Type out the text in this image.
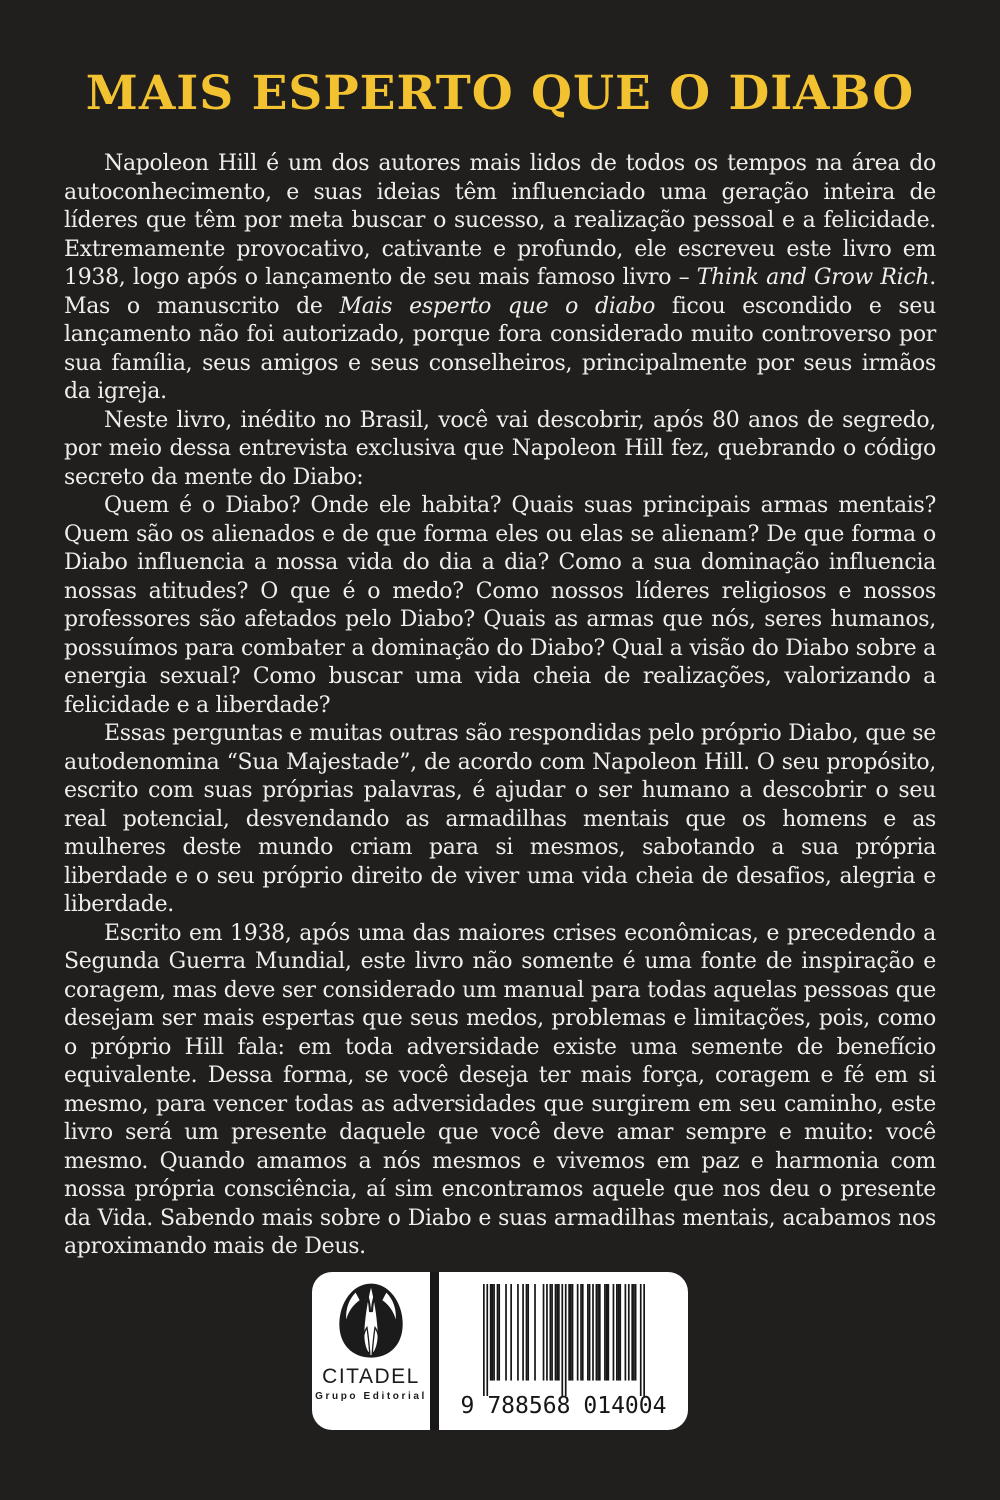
MAIS ESPERTO QUE O DIABO

Napoleon Hill é um dos autores mais lidos de todos os tempos na área do autoconhecimento, e suas ideias têm influenciado uma geração inteira de líderes que têm por meta buscar o sucesso, a realização pessoal e a felicidade. Extremamente provocativo, cativante e profundo, ele escreveu este livro em 1938, logo após o lançamento de seu mais famoso livro – Think and Grow Rich. Mas o manuscrito de Mais esperto que o diabo ficou escondido e seu lançamento não foi autorizado, porque fora considerado muito controverso por sua família, seus amigos e seus conselheiros, principalmente por seus irmãos da igreja.

Neste livro, inédito no Brasil, você vai descobrir, após 80 anos de segredo, por meio dessa entrevista exclusiva que Napoleon Hill fez, quebrando o código secreto da mente do Diabo:

Quem é o Diabo? Onde ele habita? Quais suas principais armas mentais? Quem são os alienados e de que forma eles ou elas se alienam? De que forma o Diabo influencia a nossa vida do dia a dia? Como a sua dominação influencia nossas atitudes? O que é o medo? Como nossos líderes religiosos e nossos professores são afetados pelo Diabo? Quais as armas que nós, seres humanos, possuímos para combater a dominação do Diabo? Qual a visão do Diabo sobre a energia sexual? Como buscar uma vida cheia de realizações, valorizando a felicidade e a liberdade?

Essas perguntas e muitas outras são respondidas pelo próprio Diabo, que se autodenomina “Sua Majestade”, de acordo com Napoleon Hill. O seu propósito, escrito com suas próprias palavras, é ajudar o ser humano a descobrir o seu real potencial, desvendando as armadilhas mentais que os homens e as mulheres deste mundo criam para si mesmos, sabotando a sua própria liberdade e o seu próprio direito de viver uma vida cheia de desafios, alegria e liberdade.

Escrito em 1938, após uma das maiores crises econômicas, e precedendo a Segunda Guerra Mundial, este livro não somente é uma fonte de inspiração e coragem, mas deve ser considerado um manual para todas aquelas pessoas que desejam ser mais espertas que seus medos, problemas e limitações, pois, como o próprio Hill fala: em toda adversidade existe uma semente de benefício equivalente. Dessa forma, se você deseja ter mais força, coragem e fé em si mesmo, para vencer todas as adversidades que surgirem em seu caminho, este livro será um presente daquele que você deve amar sempre e muito: você mesmo. Quando amamos a nós mesmos e vivemos em paz e harmonia com nossa própria consciência, aí sim encontramos aquele que nos deu o presente da Vida. Sabendo mais sobre o Diabo e suas armadilhas mentais, acabamos nos aproximando mais de Deus.

CITADEL
Grupo Editorial 9 788568 014004
